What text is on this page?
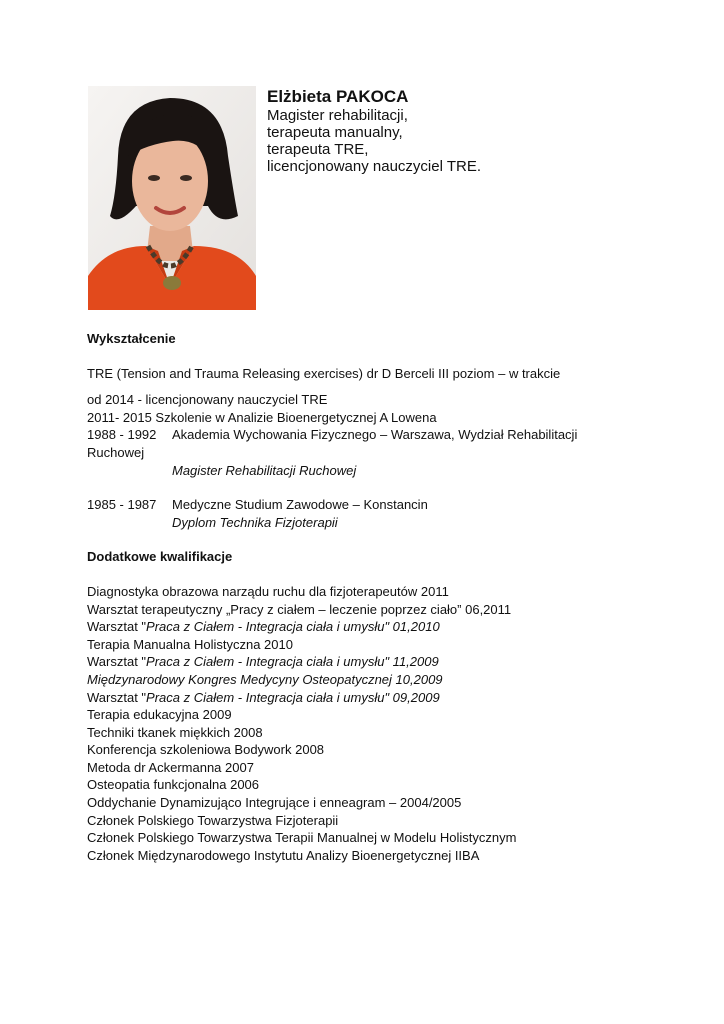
Elżbieta PAKOCA
Magister rehabilitacji,
terapeuta manualny,
terapeuta TRE,
licencjonowany nauczyciel TRE.
Wykształcenie
TRE (Tension and Trauma Releasing exercises) dr D Berceli III poziom – w trakcie
od 2014 - licencjonowany nauczyciel TRE
2011- 2015 Szkolenie w Analizie Bioenergetycznej A Lowena
1988 - 1992	Akademia Wychowania Fizycznego – Warszawa, Wydział Rehabilitacji
Ruchowej
Magister Rehabilitacji Ruchowej
1985 - 1987	Medyczne Studium Zawodowe – Konstancin
Dyplom Technika Fizjoterapii
Dodatkowe kwalifikacje
Diagnostyka obrazowa narządu ruchu dla fizjoterapeutów 2011
Warsztat terapeutyczny „Pracy z ciałem – leczenie poprzez ciało” 06,2011
Warsztat "Praca z Ciałem - Integracja ciała i umysłu" 01,2010
Terapia Manualna Holistyczna 2010
Warsztat "Praca z Ciałem - Integracja ciała i umysłu" 11,2009
Międzynarodowy Kongres Medycyny Osteopatycznej 10,2009
Warsztat "Praca z Ciałem - Integracja ciała i umysłu" 09,2009
Terapia edukacyjna 2009
Techniki tkanek miękkich 2008
Konferencja szkoleniowa Bodywork 2008
Metoda dr Ackermanna 2007
Osteopatia funkcjonalna 2006
Oddychanie Dynamizująco Integrujące i enneagram – 2004/2005
Członek Polskiego Towarzystwa Fizjoterapii
Członek Polskiego Towarzystwa Terapii Manualnej w Modelu Holistycznym
Członek Międzynarodowego Instytutu Analizy Bioenergetycznej IIBA
